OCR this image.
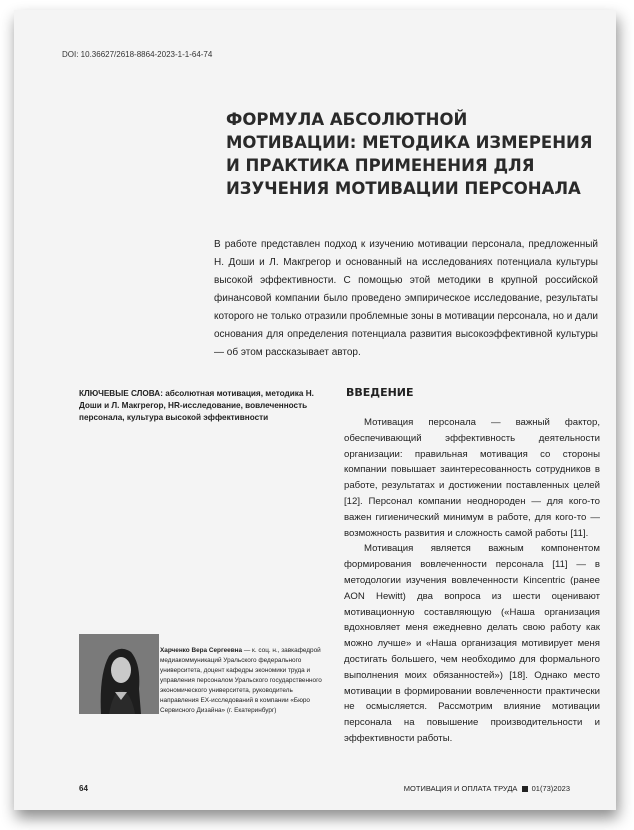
DOI: 10.36627/2618-8864-2023-1-1-64-74
ФОРМУЛА АБСОЛЮТНОЙ МОТИВАЦИИ: МЕТОДИКА ИЗМЕРЕНИЯ И ПРАКТИКА ПРИМЕНЕНИЯ ДЛЯ ИЗУЧЕНИЯ МОТИВАЦИИ ПЕРСОНАЛА
В работе представлен подход к изучению мотивации персонала, предложенный Н. Доши и Л. Макгрегор и основанный на исследованиях потенциала культуры высокой эффективности. С помощью этой методики в крупной российской финансовой компании было проведено эмпирическое исследование, результаты которого не только отразили проблемные зоны в мотивации персонала, но и дали основания для определения потенциала развития высокоэффективной культуры — об этом рассказывает автор.
КЛЮЧЕВЫЕ СЛОВА: абсолютная мотивация, методика Н. Доши и Л. Макгрегор, HR-исследование, вовлеченность персонала, культура высокой эффективности
ВВЕДЕНИЕ

Мотивация персонала — важный фактор, обеспечивающий эффективность деятельности организации: правильная мотивация со стороны компании повышает заинтересованность сотрудников в работе, результатах и достижении поставленных целей [12]. Персонал компании неоднороден — для кого-то важен гигиенический минимум в работе, для кого-то — возможность развития и сложность самой работы [11].

Мотивация является важным компонентом формирования вовлеченности персонала [11] — в методологии изучения вовлеченности Kincentric (ранее AON Hewitt) два вопроса из шести оценивают мотивационную составляющую («Наша организация вдохновляет меня ежедневно делать свою работу как можно лучше» и «Наша организация мотивирует меня достигать большего, чем необходимо для формального выполнения моих обязанностей») [18]. Однако место мотивации в формировании вовлеченности практически не осмысляется. Рассмотрим влияние мотивации персонала на повышение производительности и эффективности работы.

Харченко Вера Сергеевна — к. соц. н., завкафедрой медиакоммуникаций Уральского федерального университета, доцент кафедры экономики труда и управления персоналом Уральского государственного экономического университета, руководитель направления EX-исследований в компании «Бюро Сервисного Дизайна» (г. Екатеринбург)
64	МОТИВАЦИЯ И ОПЛАТА ТРУДА 01(73)2023
